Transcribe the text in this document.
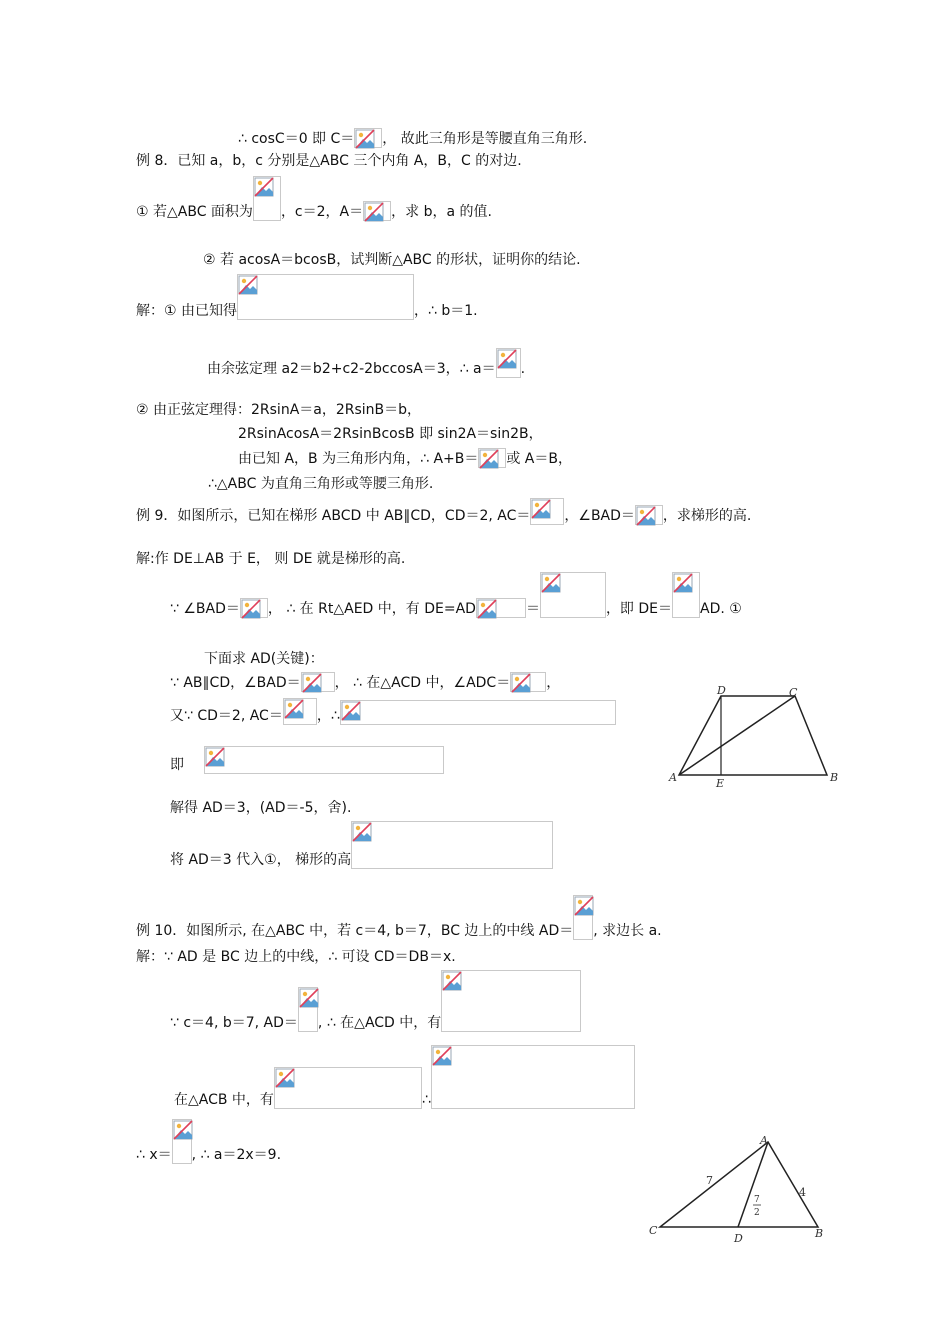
∴ cosC＝0 即 C＝ ， 故此三角形是等腰直角三角形.
例 8．已知 a，b，c 分别是△ABC 三个内角 A，B，C 的对边.
① 若△ABC 面积为 ，c＝2，A＝ ，求 b，a 的值.
② 若 acosA＝bcosB，试判断△ABC 的形状，证明你的结论.
解：① 由已知得	，∴ b＝1.
由余弦定理 a2＝b2+c2-2bccosA＝3，∴ a＝ .
② 由正弦定理得：2RsinA＝a，2RsinB＝b，
2RsinAcosA＝2RsinBcosB 即 sin2A＝sin2B，
由已知 A，B 为三角形内角，∴ A+B＝ 或 A＝B，
∴△ABC 为直角三角形或等腰三角形.
例 9．如图所示，已知在梯形 ABCD 中 AB∥CD，CD＝2, AC＝ ，∠BAD＝ ，求梯形的高.
解:作 DE⊥AB 于 E， 则 DE 就是梯形的高.
∵ ∠BAD＝ ， ∴ 在 Rt△AED 中，有 DE=AD	＝	，即 DE＝ AD. ①
下面求 AD(关键)：
∵ AB∥CD，∠BAD＝ ， ∴ 在△ACD 中，∠ADC＝	，
又∵ CD＝2, AC＝ ，∴
即
解得 AD＝3，(AD＝-5，舍).
将 AD＝3 代入①， 梯形的高
例 10．如图所示, 在△ABC 中，若 c＝4, b＝7，BC 边上的中线 AD＝ , 求边长 a.
解：∵ AD 是 BC 边上的中线，∴ 可设 CD＝DB＝x.
∵ c＝4, b＝7, AD＝ , ∴ 在△ACD 中，有
在△ACB 中，有	∴
∴ x＝ , ∴ a＝2x＝9.
D	C
A	E	B
A
C
D	B
7
4
7
2
